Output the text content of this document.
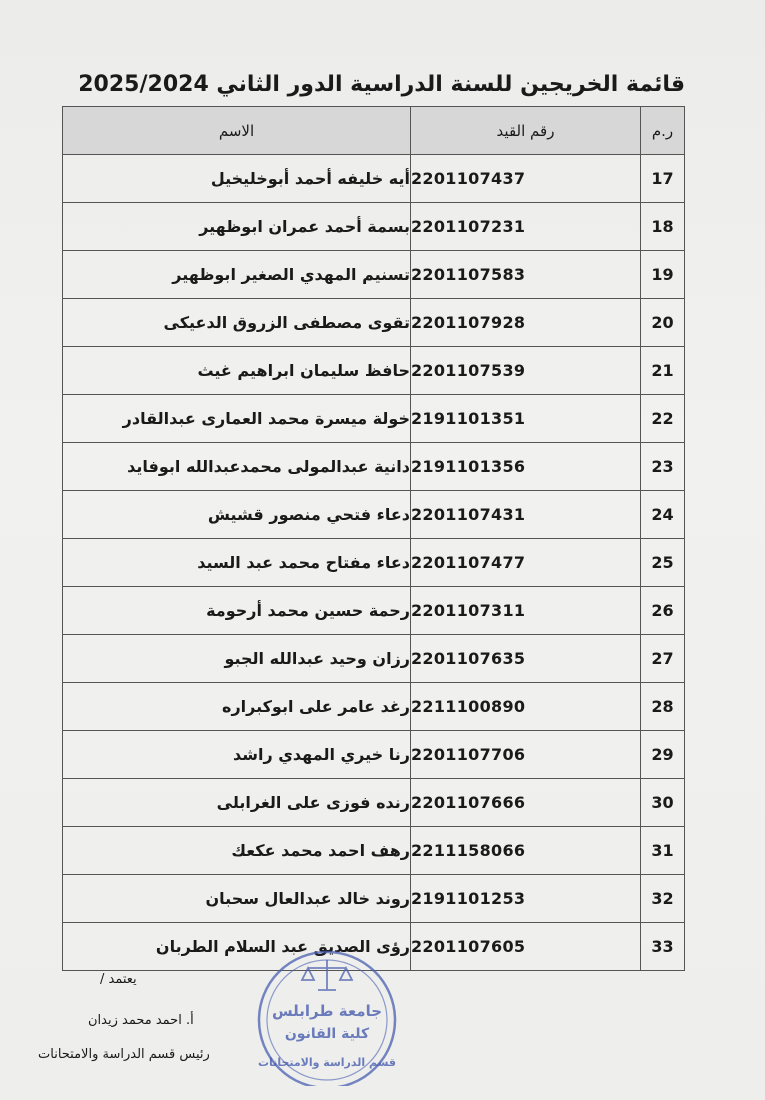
قائمة الخريجين للسنة الدراسية الدور الثاني 2025/2024
الاسم	رقم القيد	ر.م
أيه خليفه أحمد أبوخليخيل	2201107437	17
بسمة أحمد عمران ابوظهير	2201107231	18
تسنيم المهدي الصغير ابوظهير	2201107583	19
تقوى مصطفى الزروق الدعيكى	2201107928	20
حافظ سليمان ابراهيم غيث	2201107539	21
خولة ميسرة محمد العمارى عبدالقادر	2191101351	22
دانية عبدالمولى محمدعبدالله ابوفايد	2191101356	23
دعاء فتحي منصور قشيش	2201107431	24
دعاء مفتاح محمد عبد السيد	2201107477	25
رحمة حسين محمد أرحومة	2201107311	26
رزان وحيد عبدالله الجبو	2201107635	27
رغد عامر على ابوكبراره	2211100890	28
رنا خيري المهدي راشد	2201107706	29
رنده فوزى على الغرابلى	2201107666	30
رهف احمد محمد عكعك	2211158066	31
روند خالد عبدالعال سحبان	2191101253	32
رؤى الصديق عبد السلام الطربان	2201107605	33
يعتمد /
أ. احمد محمد زيدان
رئيس قسم الدراسة والامتحانات
جامعة طرابلس
كلية القانون
قسم الدراسة والامتحانات
